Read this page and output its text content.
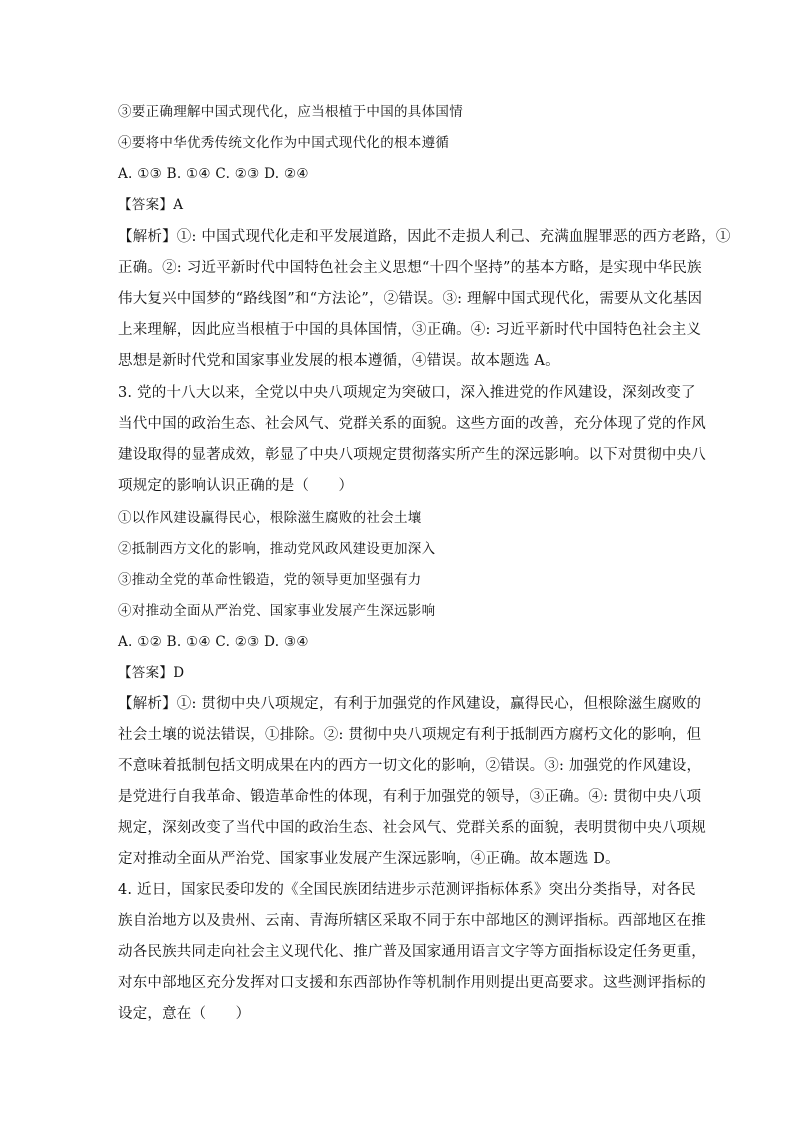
③要正确理解中国式现代化，应当根植于中国的具体国情
④要将中华优秀传统文化作为中国式现代化的根本遵循
A. ①③ B. ①④ C. ②③ D. ②④
【答案】A
【解析】①: 中国式现代化走和平发展道路，因此不走损人利己、充满血腥罪恶的西方老路，①
正确。②: 习近平新时代中国特色社会主义思想“十四个坚持”的基本方略，是实现中华民族
伟大复兴中国梦的“路线图”和“方法论”，②错误。③: 理解中国式现代化，需要从文化基因
上来理解，因此应当根植于中国的具体国情，③正确。④: 习近平新时代中国特色社会主义
思想是新时代党和国家事业发展的根本遵循，④错误。故本题选 A。
3. 党的十八大以来，全党以中央八项规定为突破口，深入推进党的作风建设，深刻改变了
当代中国的政治生态、社会风气、党群关系的面貌。这些方面的改善，充分体现了党的作风
建设取得的显著成效，彰显了中央八项规定贯彻落实所产生的深远影响。以下对贯彻中央八
项规定的影响认识正确的是（　　）
①以作风建设赢得民心，根除滋生腐败的社会土壤
②抵制西方文化的影响，推动党风政风建设更加深入
③推动全党的革命性锻造，党的领导更加坚强有力
④对推动全面从严治党、国家事业发展产生深远影响
A. ①② B. ①④ C. ②③ D. ③④
【答案】D
【解析】①: 贯彻中央八项规定，有利于加强党的作风建设，赢得民心，但根除滋生腐败的
社会土壤的说法错误，①排除。②: 贯彻中央八项规定有利于抵制西方腐朽文化的影响，但
不意味着抵制包括文明成果在内的西方一切文化的影响，②错误。③: 加强党的作风建设，
是党进行自我革命、锻造革命性的体现，有利于加强党的领导，③正确。④: 贯彻中央八项
规定，深刻改变了当代中国的政治生态、社会风气、党群关系的面貌，表明贯彻中央八项规
定对推动全面从严治党、国家事业发展产生深远影响，④正确。故本题选 D。
4. 近日，国家民委印发的《全国民族团结进步示范测评指标体系》突出分类指导，对各民
族自治地方以及贵州、云南、青海所辖区采取不同于东中部地区的测评指标。西部地区在推
动各民族共同走向社会主义现代化、推广普及国家通用语言文字等方面指标设定任务更重，
对东中部地区充分发挥对口支援和东西部协作等机制作用则提出更高要求。这些测评指标的
设定，意在（　　）
